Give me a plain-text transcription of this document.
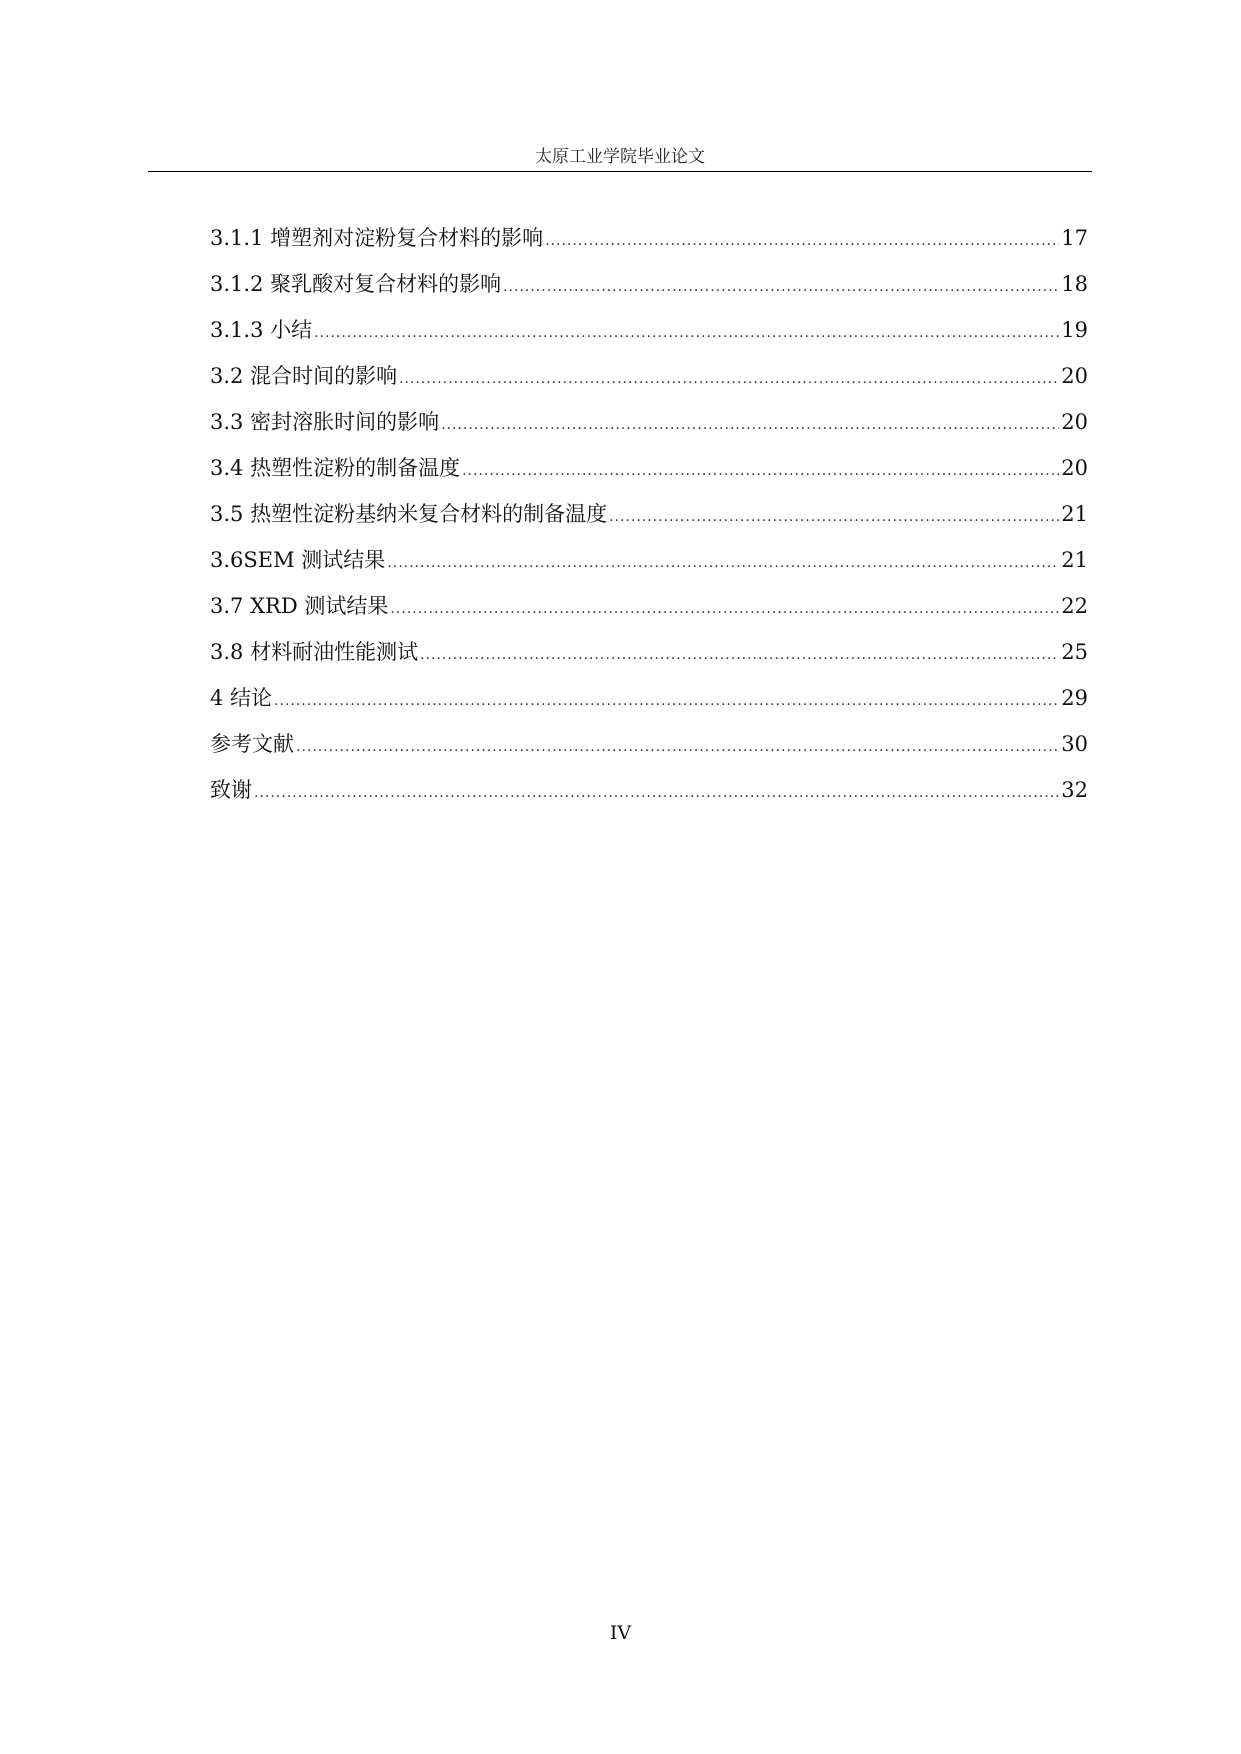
太原工业学院毕业论文
3.1.1 增塑剂对淀粉复合材料的影响 .....	17
3.1.2 聚乳酸对复合材料的影响 .....	18
3.1.3 小结 .....	19
3.2 混合时间的影响 .....	20
3.3 密封溶胀时间的影响 .....	20
3.4 热塑性淀粉的制备温度 .....	20
3.5 热塑性淀粉基纳米复合材料的制备温度 .....	21
3.6SEM 测试结果 .....	21
3.7 XRD 测试结果 .....	22
3.8 材料耐油性能测试 .....	25
4 结论 .....	29
参考文献 .....	30
致谢 .....	32
IV
